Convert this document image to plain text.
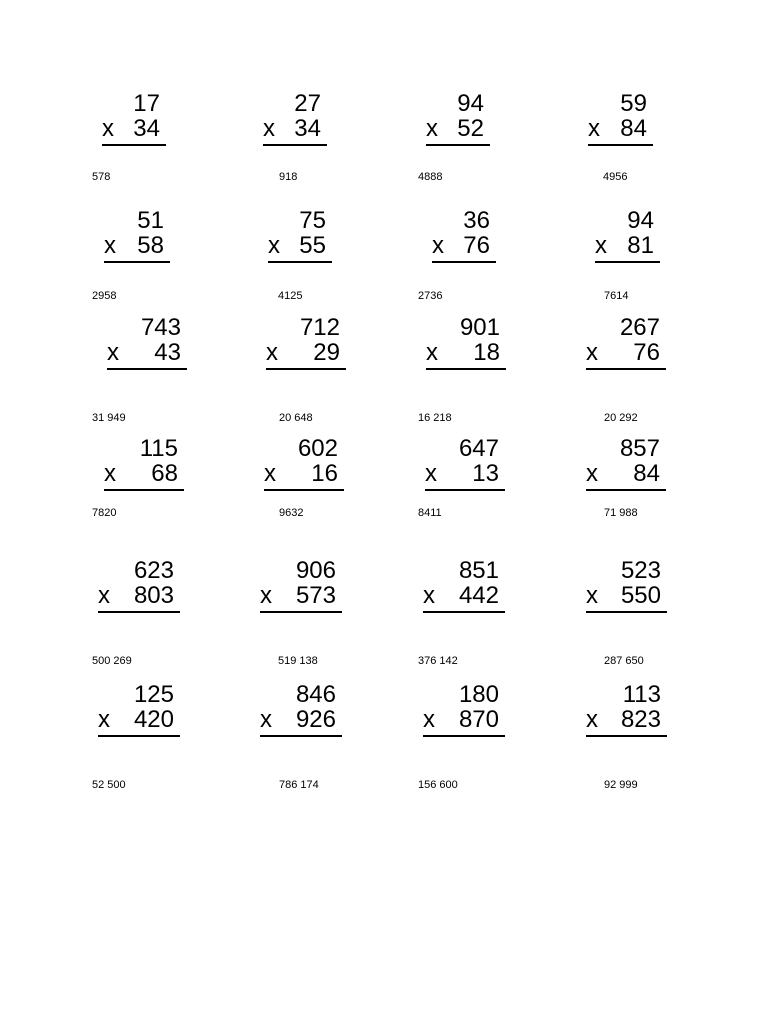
17
x 34
578
27
x 34
918
94
x 52
4888
59
x 84
4956
51
x 58
2958
75
x 55
4125
36
x 76
2736
94
x 81
7614
743
x 43
31 949
712
x 29
20 648
901
x 18
16 218
267
x 76
20 292
115
x 68
7820
602
x 16
9632
647
x 13
8411
857
x 84
71 988
623
x 803
500 269
906
x 573
519 138
851
x 442
376 142
523
x 550
287 650
125
x 420
52 500
846
x 926
786 174
180
x 870
156 600
113
x 823
92 999
